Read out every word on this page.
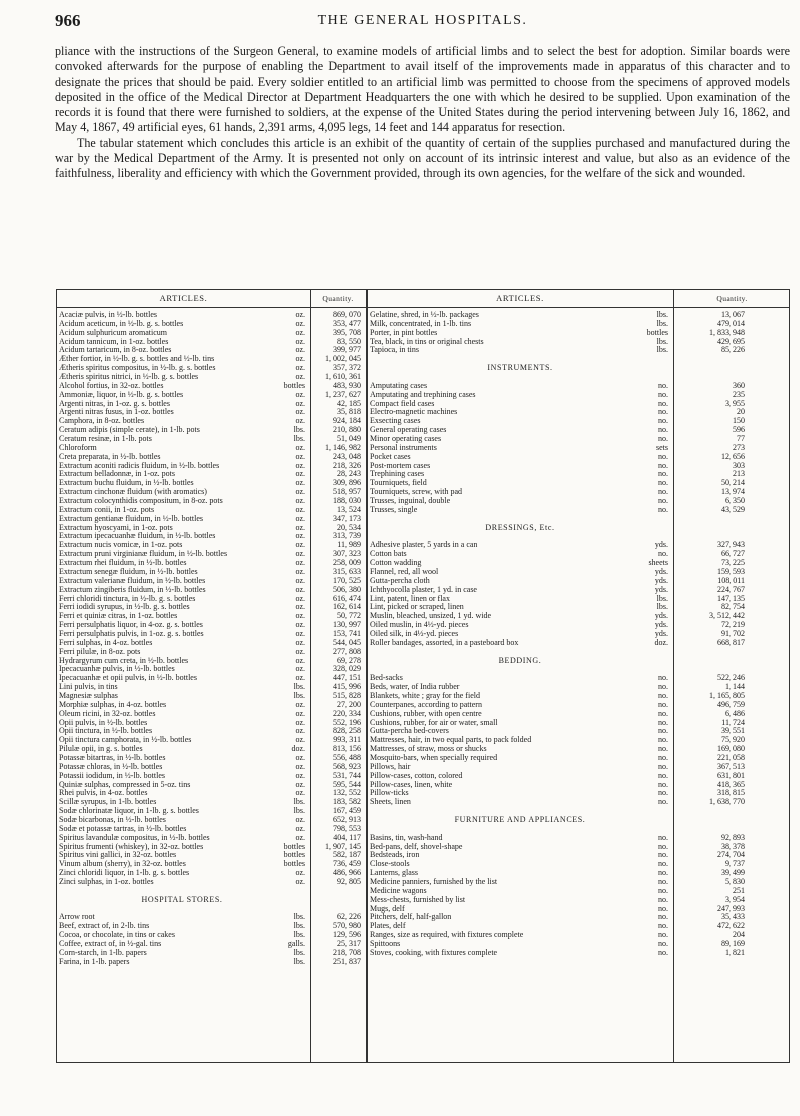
966	THE GENERAL HOSPITALS.

pliance with the instructions of the Surgeon General, to examine models of artificial limbs and to select the best for adoption. Similar boards were convoked afterwards for the purpose of enabling the Department to avail itself of the improvements made in apparatus of this character and to designate the prices that should be paid. Every soldier entitled to an artificial limb was permitted to choose from the specimens of approved models deposited in the office of the Medical Director at Department Headquarters the one with which he desired to be supplied. Upon examination of the records it is found that there were furnished to soldiers, at the expense of the United States during the period intervening between July 16, 1862, and May 4, 1867, 49 artificial eyes, 61 hands, 2,391 arms, 4,095 legs, 14 feet and 144 apparatus for resection.

The tabular statement which concludes this article is an exhibit of the quantity of certain of the supplies purchased and manufactured during the war by the Medical Department of the Army. It is presented not only on account of its intrinsic interest and value, but also as an evidence of the faithfulness, liberality and efficiency with which the Government provided, through its own agencies, for the welfare of the sick and wounded.

ARTICLES.	Quantity.	ARTICLES.	Quantity.
Acaciæ pulvis, in ½-lb. bottles	oz.	869, 070
Acidum aceticum, in ½-lb. g. s. bottles	oz.	353, 477
Acidum sulphuricum aromaticum	oz.	395, 708
Acidum tannicum, in 1-oz. bottles	oz.	83, 550
Acidum tartaricum, in 8-oz. bottles	oz.	399, 977
Æther fortior, in ½-lb. g. s. bottles and ½-lb. tins	oz.	1, 002, 045
Ætheris spiritus compositus, in ½-lb. g. s. bottles	oz.	357, 372
Ætheris spiritus nitrici, in ½-lb. g. s. bottles	oz.	1, 610, 361
Alcohol fortius, in 32-oz. bottles	bottles	483, 930
Ammoniæ, liquor, in ½-lb. g. s. bottles	oz.	1, 237, 627
Argenti nitras, in 1-oz. g. s. bottles	oz.	42, 185
Argenti nitras fusus, in 1-oz. bottles	oz.	35, 818
Camphora, in 8-oz. bottles	oz.	924, 184
Ceratum adipis (simple cerate), in 1-lb. pots	lbs.	210, 880
Ceratum resinæ, in 1-lb. pots	lbs.	51, 049
Chloroform	oz.	1, 146, 982
Creta preparata, in ½-lb. bottles	oz.	243, 048
Extractum aconiti radicis fluidum, in ½-lb. bottles	oz.	218, 326
Extractum belladonnæ, in 1-oz. pots	oz.	28, 243
Extractum buchu fluidum, in ½-lb. bottles	oz.	309, 896
Extractum cinchonæ fluidum (with aromatics)	oz.	518, 957
Extractum colocynthidis compositum, in 8-oz. pots	oz.	188, 030
Extractum conii, in 1-oz. pots	oz.	13, 524
Extractum gentianæ fluidum, in ½-lb. bottles	oz.	347, 173
Extractum hyoscyami, in 1-oz. pots	oz.	20, 534
Extractum ipecacuanhæ fluidum, in ½-lb. bottles	oz.	313, 739
Extractum nucis vomicæ, in 1-oz. pots	oz.	11, 989
Extractum pruni virginianæ fluidum, in ½-lb. bottles	oz.	307, 323
Extractum rhei fluidum, in ½-lb. bottles	oz.	258, 009
Extractum senegæ fluidum, in ½-lb. bottles	oz.	315, 633
Extractum valerianæ fluidum, in ½-lb. bottles	oz.	170, 525
Extractum zingiberis fluidum, in ½-lb. bottles	oz.	506, 380
Ferri chloridi tinctura, in ½-lb. g. s. bottles	oz.	616, 474
Ferri iodidi syrupus, in ½-lb. g. s. bottles	oz.	162, 614
Ferri et quiniæ citras, in 1-oz. bottles	oz.	50, 772
Ferri persulphatis liquor, in 4-oz. g. s. bottles	oz.	130, 997
Ferri persulphatis pulvis, in 1-oz. g. s. bottles	oz.	153, 741
Ferri sulphas, in 4-oz. bottles	oz.	544, 045
Ferri pilulæ, in 8-oz. pots	oz.	277, 808
Hydrargyrum cum creta, in ½-lb. bottles	oz.	69, 278
Ipecacuanhæ pulvis, in ½-lb. bottles	oz.	328, 029
Ipecacuanhæ et opii pulvis, in ½-lb. bottles	oz.	447, 151
Lini pulvis, in tins	lbs.	415, 996
Magnesiæ sulphas	lbs.	515, 828
Morphiæ sulphas, in 4-oz. bottles	oz.	27, 200
Oleum ricini, in 32-oz. bottles	oz.	220, 334
Opii pulvis, in ½-lb. bottles	oz.	552, 196
Opii tinctura, in ½-lb. bottles	oz.	828, 258
Opii tinctura camphorata, in ½-lb. bottles	oz.	993, 311
Pilulæ opii, in g. s. bottles	doz.	813, 156
Potassæ bitartras, in ½-lb. bottles	oz.	556, 488
Potassæ chloras, in ½-lb. bottles	oz.	568, 923
Potassii iodidum, in ½-lb. bottles	oz.	531, 744
Quiniæ sulphas, compressed in 5-oz. tins	oz.	595, 544
Rhei pulvis, in 4-oz. bottles	oz.	132, 552
Scillæ syrupus, in 1-lb. bottles	lbs.	183, 582
Sodæ chlorinatæ liquor, in 1-lb. g. s. bottles	lbs.	167, 459
Sodæ bicarbonas, in ½-lb. bottles	oz.	652, 913
Sodæ et potassæ tartras, in ½-lb. bottles	oz.	798, 553
Spiritus lavandulæ compositus, in ½-lb. bottles	oz.	404, 117
Spiritus frumenti (whiskey), in 32-oz. bottles	bottles	1, 907, 145
Spiritus vini gallici, in 32-oz. bottles	bottles	582, 187
Vinum album (sherry), in 32-oz. bottles	bottles	736, 459
Zinci chloridi liquor, in 1-lb. g. s. bottles	oz.	486, 966
Zinci sulphas, in 1-oz. bottles	oz.	92, 805
HOSPITAL STORES.
Arrow root	lbs.	62, 226
Beef, extract of, in 2-lb. tins	lbs.	570, 980
Cocoa, or chocolate, in tins or cakes	lbs.	129, 596
Coffee, extract of, in ½-gal. tins	galls.	25, 317
Corn-starch, in 1-lb. papers	lbs.	218, 708
Farina, in 1-lb. papers	lbs.	251, 837
Gelatine, shred, in ½-lb. packages	lbs.	13, 067
Milk, concentrated, in 1-lb. tins	lbs.	479, 014
Porter, in pint bottles	bottles	1, 833, 948
Tea, black, in tins or original chests	lbs.	429, 695
Tapioca, in tins	lbs.	85, 226
INSTRUMENTS.
Amputating cases	no.	360
Amputating and trephining cases	no.	235
Compact field cases	no.	3, 955
Electro-magnetic machines	no.	20
Exsecting cases	no.	150
General operating cases	no.	596
Minor operating cases	no.	77
Personal instruments	sets	273
Pocket cases	no.	12, 656
Post-mortem cases	no.	303
Trephining cases	no.	213
Tourniquets, field	no.	50, 214
Tourniquets, screw, with pad	no.	13, 974
Trusses, inguinal, double	no.	6, 350
Trusses, single	no.	43, 529
DRESSINGS, Etc.
Adhesive plaster, 5 yards in a can	yds.	327, 943
Cotton bats	no.	66, 727
Cotton wadding	sheets	73, 225
Flannel, red, all wool	yds.	159, 593
Gutta-percha cloth	yds.	108, 011
Ichthyocolla plaster, 1 yd. in case	yds.	224, 767
Lint, patent, linen or flax	lbs.	147, 135
Lint, picked or scraped, linen	lbs.	82, 754
Muslin, bleached, unsized, 1 yd. wide	yds.	3, 512, 442
Oiled muslin, in 4½-yd. pieces	yds.	72, 219
Oiled silk, in 4½-yd. pieces	yds.	91, 702
Roller bandages, assorted, in a pasteboard box	doz.	668, 817
BEDDING.
Bed-sacks	no.	522, 246
Beds, water, of India rubber	no.	1, 144
Blankets, white ; gray for the field	no.	1, 165, 805
Counterpanes, according to pattern	no.	496, 759
Cushions, rubber, with open centre	no.	6, 486
Cushions, rubber, for air or water, small	no.	11, 724
Gutta-percha bed-covers	no.	39, 551
Mattresses, hair, in two equal parts, to pack folded	no.	75, 920
Mattresses, of straw, moss or shucks	no.	169, 080
Mosquito-bars, when specially required	no.	221, 058
Pillows, hair	no.	367, 513
Pillow-cases, cotton, colored	no.	631, 801
Pillow-cases, linen, white	no.	418, 365
Pillow-ticks	no.	318, 815
Sheets, linen	no.	1, 638, 770
FURNITURE AND APPLIANCES.
Basins, tin, wash-hand	no.	92, 893
Bed-pans, delf, shovel-shape	no.	38, 378
Bedsteads, iron	no.	274, 704
Close-stools	no.	9, 737
Lanterns, glass	no.	39, 499
Medicine panniers, furnished by the list	no.	5, 830
Medicine wagons	no.	251
Mess-chests, furnished by list	no.	3, 954
Mugs, delf	no.	247, 993
Pitchers, delf, half-gallon	no.	35, 433
Plates, delf	no.	472, 622
Ranges, size as required, with fixtures complete	no.	204
Spittoons	no.	89, 169
Stoves, cooking, with fixtures complete	no.	1, 821
